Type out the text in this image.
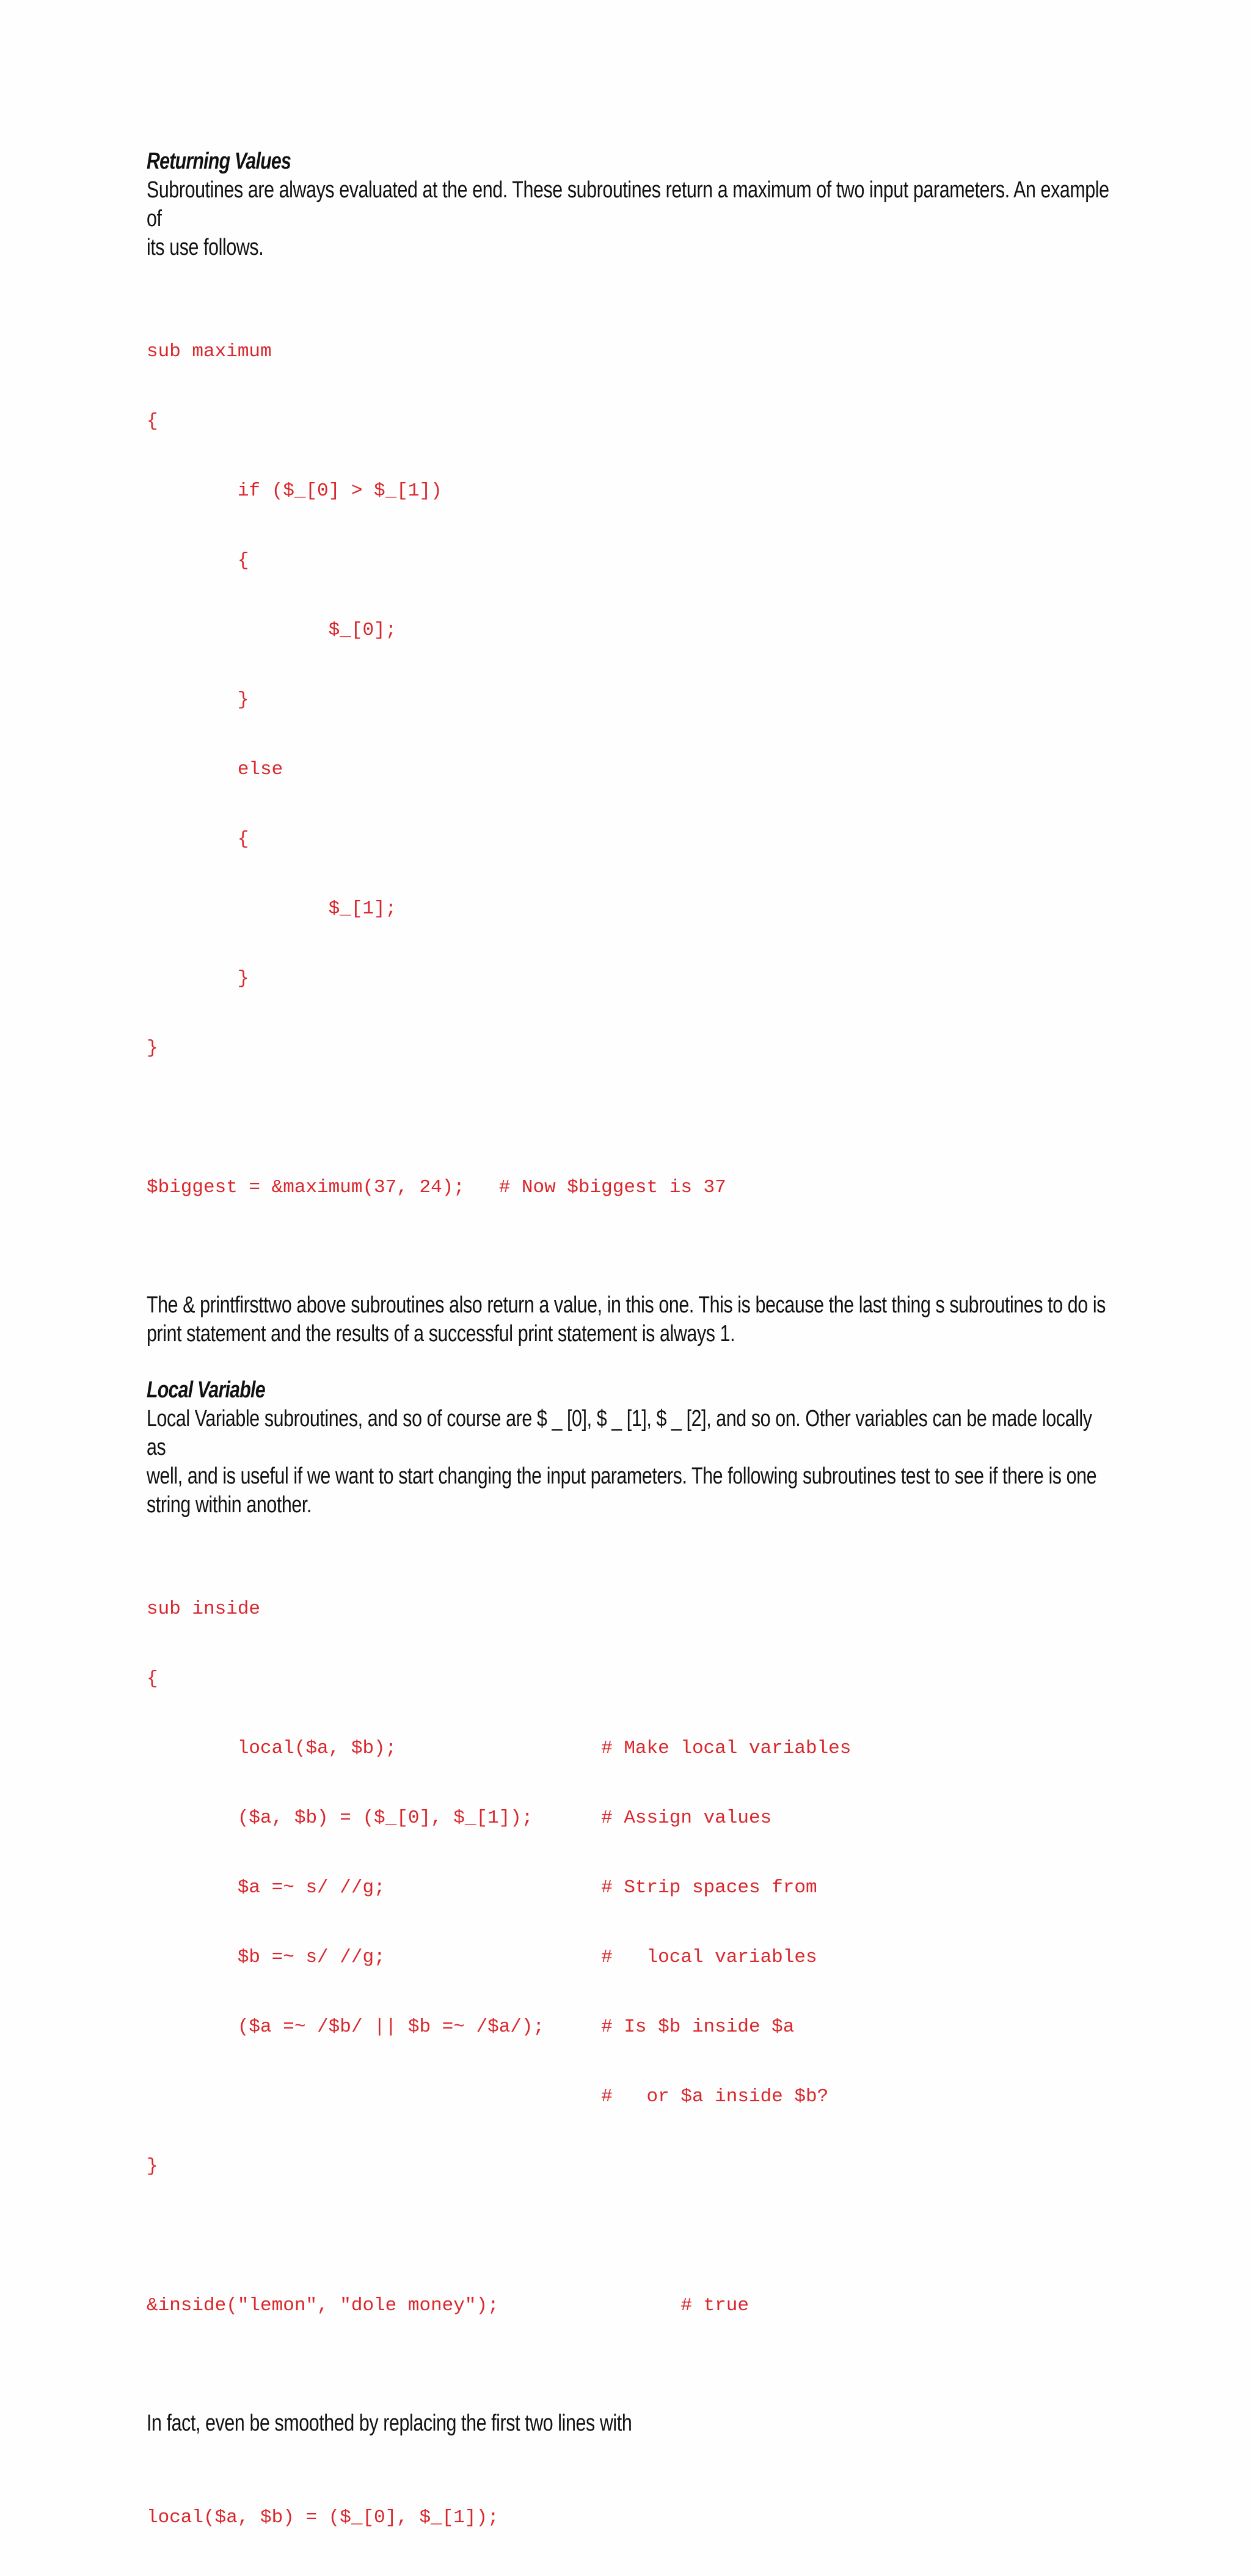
Returning Values

Subroutines are always evaluated at the end. These subroutines return a maximum of two input parameters. An example of
its use follows.

sub maximum

{

if ($_[0] > $_[1])

{

$_[0];

}

else

{

$_[1];

}

}

$biggest = &maximum(37, 24);   # Now $biggest is 37

The & printfirsttwo above subroutines also return a value, in this one. This is because the last thing s subroutines to do is
print statement and the results of a successful print statement is always 1.

Local Variable

Local Variable subroutines, and so of course are $ _ [0], $ _ [1], $ _ [2], and so on. Other variables can be made locally as
well, and is useful if we want to start changing the input parameters. The following subroutines test to see if there is one
string within another.

sub inside

{

local($a, $b);                  # Make local variables

($a, $b) = ($_[0], $_[1]);      # Assign values

$a =~ s/ //g;                   # Strip spaces from

$b =~ s/ //g;                   #   local variables

($a =~ /$b/ || $b =~ /$a/);     # Is $b inside $a

#   or $a inside $b?

}

&inside("lemon", "dole money");                # true

In fact, even be smoothed by replacing the first two lines with

local($a, $b) = ($_[0], $_[1]);
